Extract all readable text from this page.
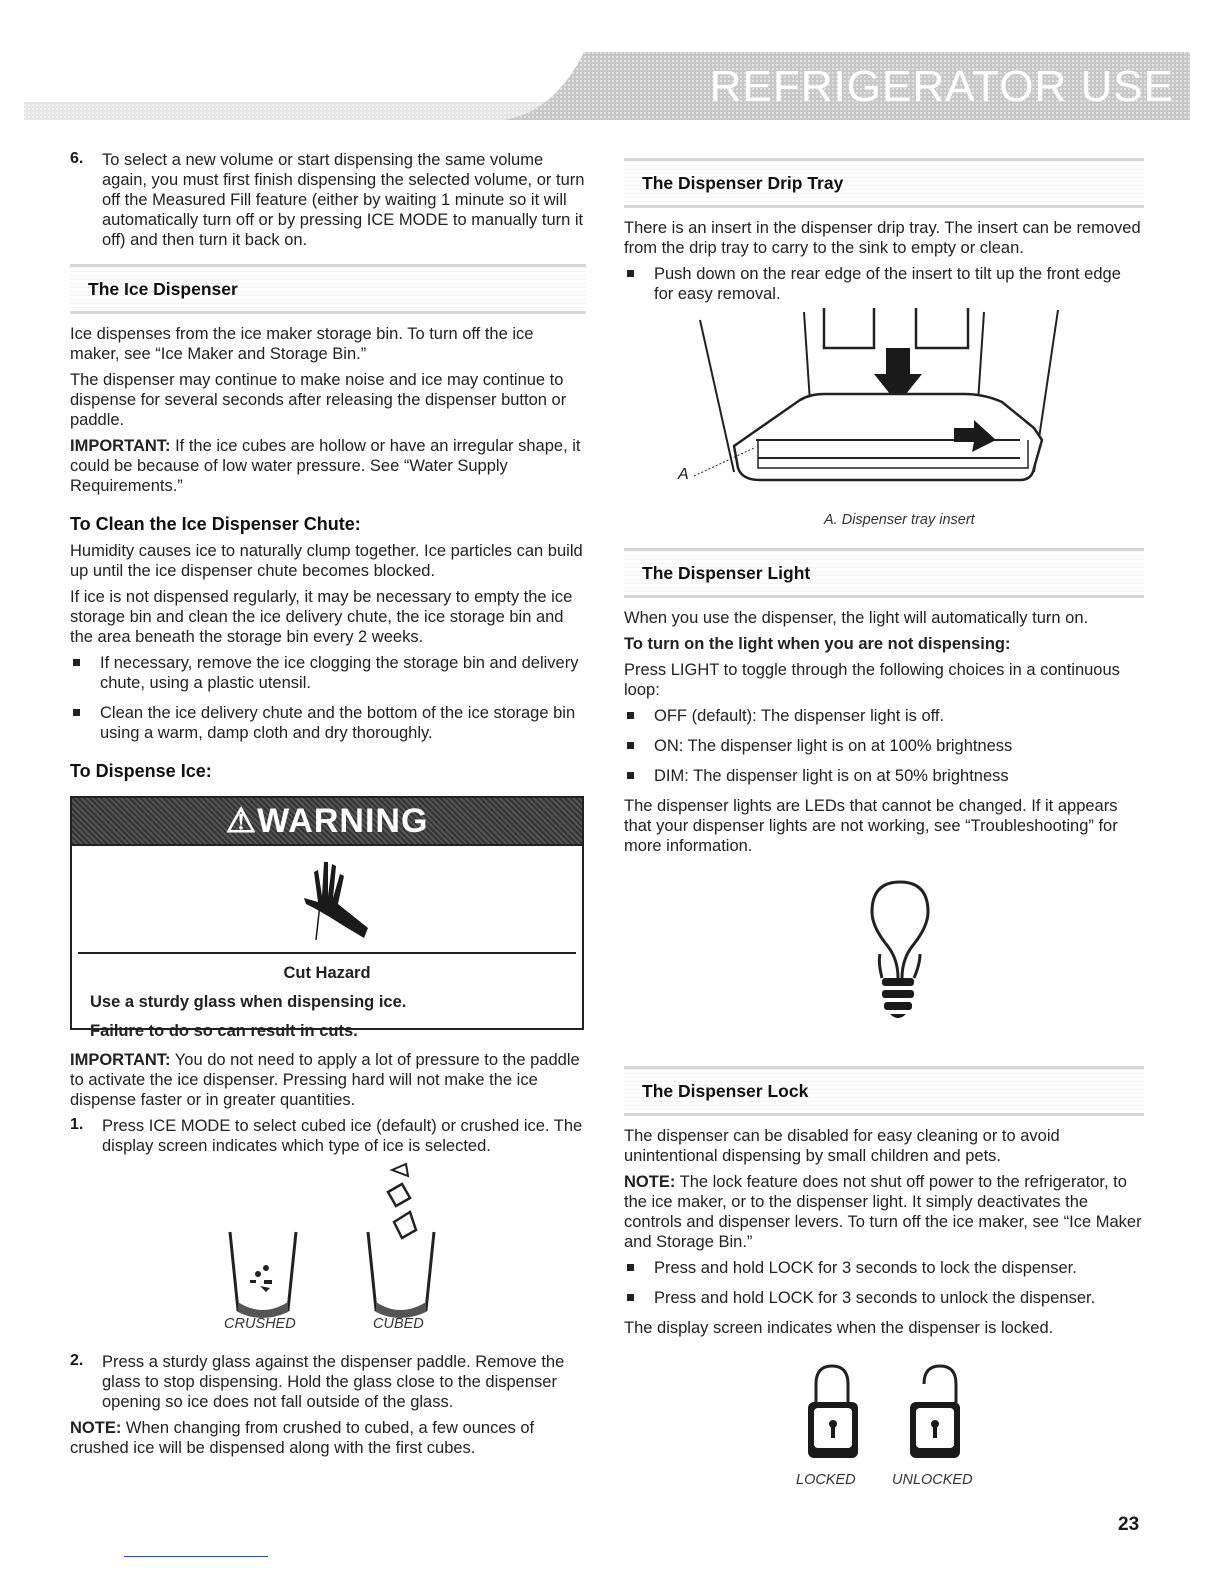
REFRIGERATOR USE
6.	To select a new volume or start dispensing the same volume again, you must first finish dispensing the selected volume, or turn off the Measured Fill feature (either by waiting 1 minute so it will automatically turn off or by pressing ICE MODE to manually turn it off) and then turn it back on.

The Ice Dispenser

Ice dispenses from the ice maker storage bin. To turn off the ice maker, see “Ice Maker and Storage Bin.”

The dispenser may continue to make noise and ice may continue to dispense for several seconds after releasing the dispenser button or paddle.

IMPORTANT: If the ice cubes are hollow or have an irregular shape, it could be because of low water pressure. See “Water Supply Requirements.”

To Clean the Ice Dispenser Chute:

Humidity causes ice to naturally clump together. Ice particles can build up until the ice dispenser chute becomes blocked.

If ice is not dispensed regularly, it may be necessary to empty the ice storage bin and clean the ice delivery chute, the ice storage bin and the area beneath the storage bin every 2 weeks.

If necessary, remove the ice clogging the storage bin and delivery chute, using a plastic utensil.

Clean the ice delivery chute and the bottom of the ice storage bin using a warm, damp cloth and dry thoroughly.

To Dispense Ice:
⚠WARNING
Cut Hazard
Use a sturdy glass when dispensing ice.
Failure to do so can result in cuts.

IMPORTANT: You do not need to apply a lot of pressure to the paddle to activate the ice dispenser. Pressing hard will not make the ice dispense faster or in greater quantities.

1.	Press ICE MODE to select cubed ice (default) or crushed ice. The display screen indicates which type of ice is selected.

CRUSHED	CUBED
2.	Press a sturdy glass against the dispenser paddle. Remove the glass to stop dispensing. Hold the glass close to the dispenser opening so ice does not fall outside of the glass.

NOTE: When changing from crushed to cubed, a few ounces of crushed ice will be dispensed along with the first cubes.

The Dispenser Drip Tray

There is an insert in the dispenser drip tray. The insert can be removed from the drip tray to carry to the sink to empty or clean.

Push down on the rear edge of the insert to tilt up the front edge for easy removal.

A
A. Dispenser tray insert
The Dispenser Light

When you use the dispenser, the light will automatically turn on.

To turn on the light when you are not dispensing:

Press LIGHT to toggle through the following choices in a continuous loop:

OFF (default): The dispenser light is off.

ON: The dispenser light is on at 100% brightness

DIM: The dispenser light is on at 50% brightness

The dispenser lights are LEDs that cannot be changed. If it appears that your dispenser lights are not working, see “Troubleshooting” for more information.

The Dispenser Lock

The dispenser can be disabled for easy cleaning or to avoid unintentional dispensing by small children and pets.

NOTE: The lock feature does not shut off power to the refrigerator, to the ice maker, or to the dispenser light. It simply deactivates the controls and dispenser levers. To turn off the ice maker, see “Ice Maker and Storage Bin.”

Press and hold LOCK for 3 seconds to lock the dispenser.

Press and hold LOCK for 3 seconds to unlock the dispenser.

The display screen indicates when the dispenser is locked.

LOCKED	UNLOCKED
23
